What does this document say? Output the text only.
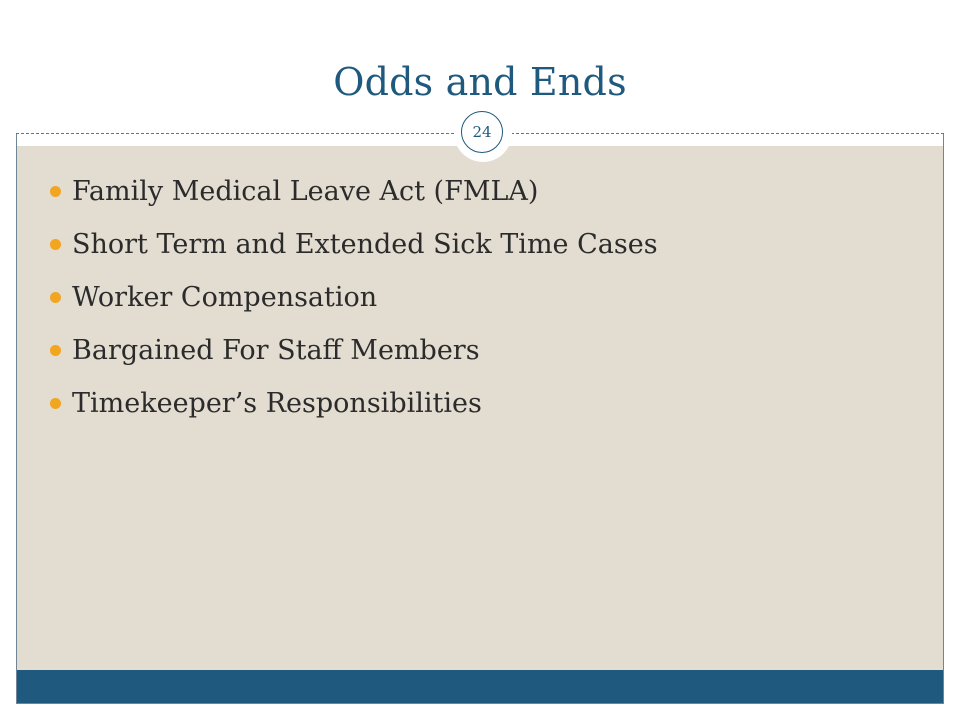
Odds and Ends
24
Family Medical Leave Act (FMLA)
Short Term and Extended Sick Time Cases
Worker Compensation
Bargained For Staff Members
Timekeeper’s Responsibilities
